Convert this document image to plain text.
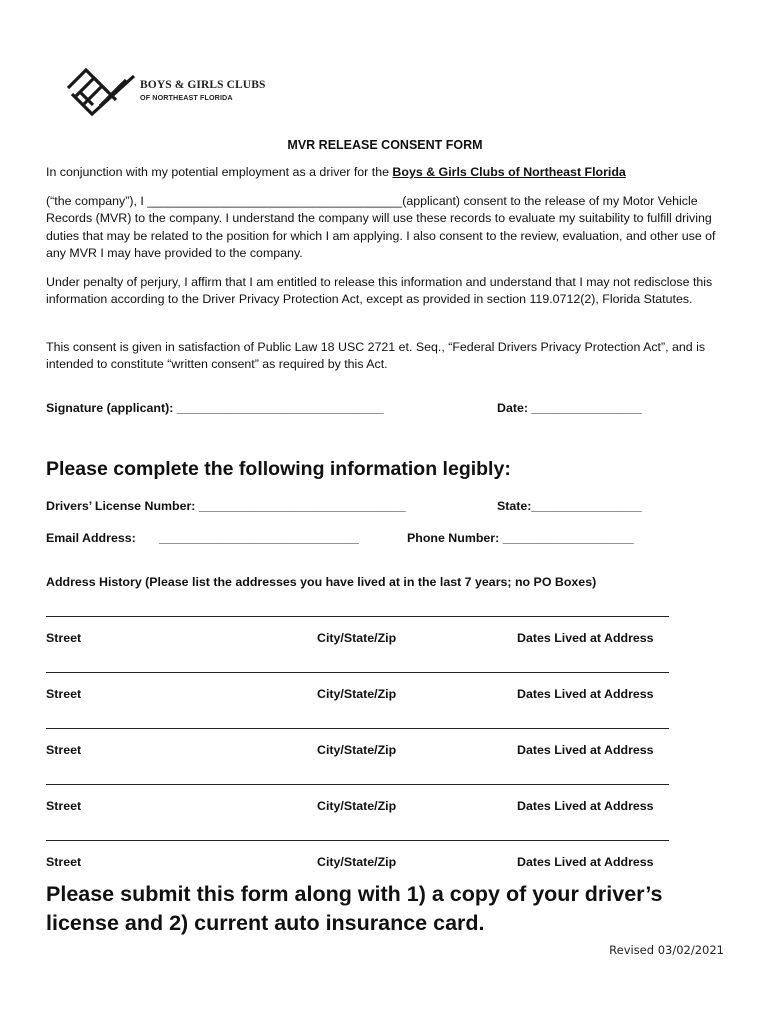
BOYS & GIRLS CLUBS
OF NORTHEAST FLORIDA
MVR RELEASE CONSENT FORM
In conjunction with my potential employment as a driver for the Boys & Girls Clubs of Northeast Florida
(“the company”), I _____________________________________(applicant) consent to the release of my Motor Vehicle Records (MVR) to the company. I understand the company will use these records to evaluate my suitability to fulfill driving duties that may be related to the position for which I am applying. I also consent to the review, evaluation, and other use of any MVR I may have provided to the company.
Under penalty of perjury, I affirm that I am entitled to release this information and understand that I may not redisclose this information according to the Driver Privacy Protection Act, except as provided in section 119.0712(2), Florida Statutes.
This consent is given in satisfaction of Public Law 18 USC 2721 et. Seq., “Federal Drivers Privacy Protection Act”, and is intended to constitute “written consent” as required by this Act.
Signature (applicant): ______________________________	Date: ________________
Please complete the following information legibly:
Drivers’ License Number: ______________________________	State:________________
Email Address: _____________________________	Phone Number: ___________________
Address History (Please list the addresses you have lived at in the last 7 years; no PO Boxes)
Street	City/State/Zip	Dates Lived at Address
Street	City/State/Zip	Dates Lived at Address
Street	City/State/Zip	Dates Lived at Address
Street	City/State/Zip	Dates Lived at Address
Street	City/State/Zip	Dates Lived at Address
Please submit this form along with 1) a copy of your driver’s license and 2) current auto insurance card.
Revised 03/02/2021
